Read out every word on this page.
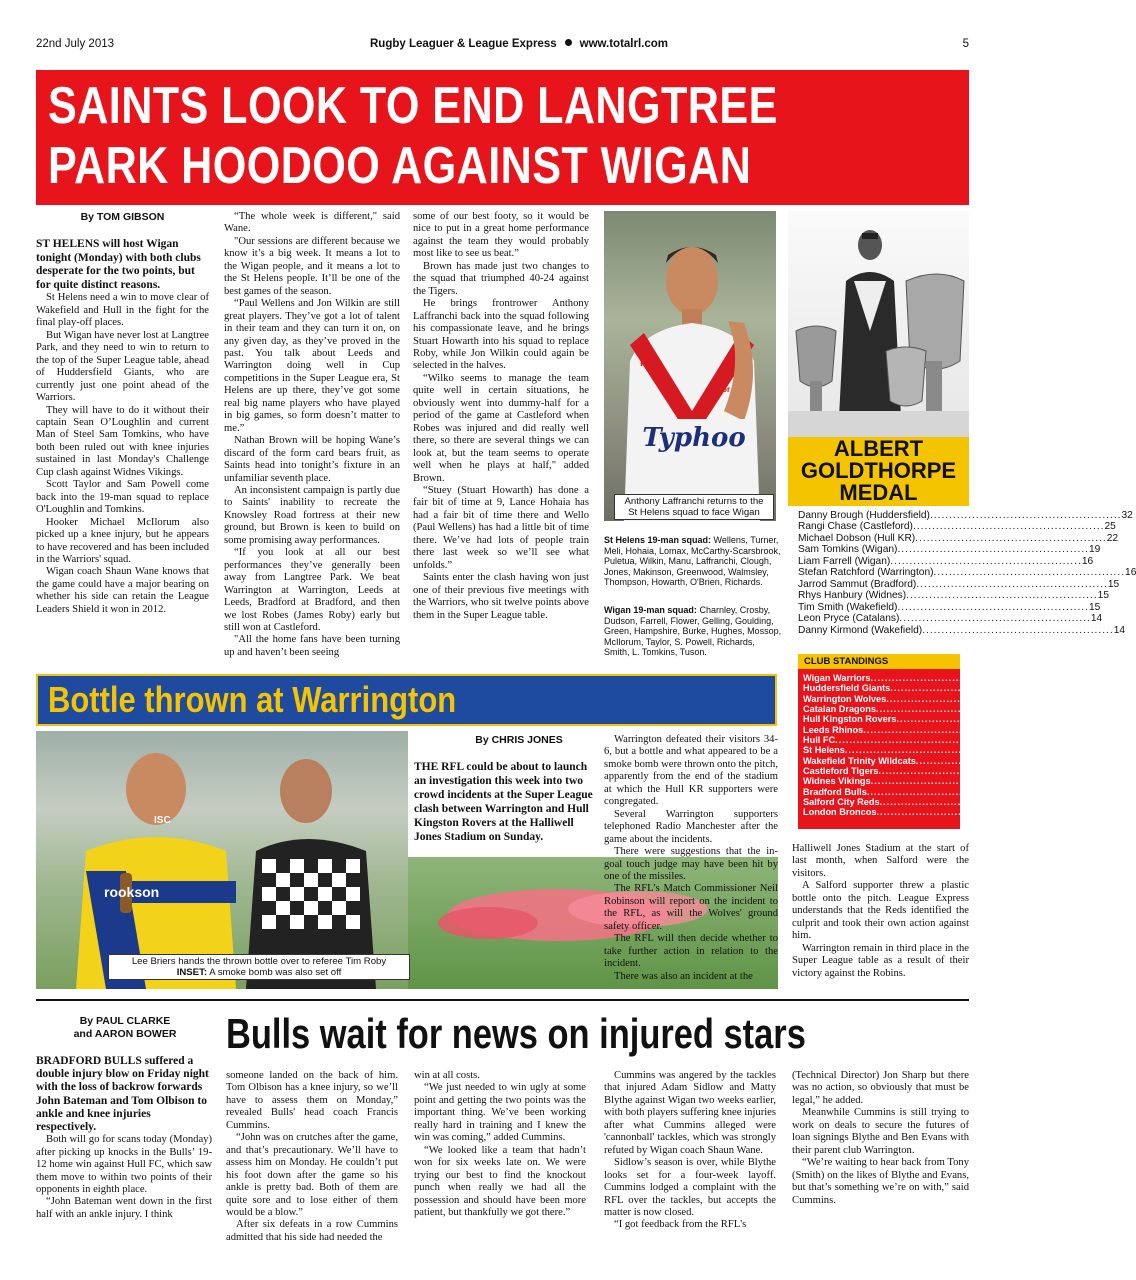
22nd July 2013	Rugby Leaguer & League Express www.totalrl.com	5
SAINTS LOOK TO END LANGTREE
PARK HOODOO AGAINST WIGAN
By TOM GIBSON

ST HELENS will host Wigan tonight (Monday) with both clubs desperate for the two points, but for quite distinct reasons.

St Helens need a win to move clear of Wakefield and Hull in the fight for the final play-off places.

But Wigan have never lost at Langtree Park, and they need to win to return to the top of the Super League table, ahead of Huddersfield Giants, who are currently just one point ahead of the Warriors.

They will have to do it without their captain Sean O’Loughlin and current Man of Steel Sam Tomkins, who have both been ruled out with knee injuries sustained in last Monday's Challenge Cup clash against Widnes Vikings.

Scott Taylor and Sam Powell come back into the 19-man squad to replace O'Loughlin and Tomkins.

Hooker Michael McIlorum also picked up a knee injury, but he appears to have recovered and has been included in the Warriors' squad.

Wigan coach Shaun Wane knows that the game could have a major bearing on whether his side can retain the League Leaders Shield it won in 2012.

“The whole week is different," said Wane.

"Our sessions are different because we know it’s a big week. It means a lot to the Wigan people, and it means a lot to the St Helens people. It’ll be one of the best games of the season.

“Paul Wellens and Jon Wilkin are still great players. They’ve got a lot of talent in their team and they can turn it on, on any given day, as they’ve proved in the past. You talk about Leeds and Warrington doing well in Cup competitions in the Super League era, St Helens are up there, they’ve got some real big name players who have played in big games, so form doesn’t matter to me.”

Nathan Brown will be hoping Wane’s discard of the form card bears fruit, as Saints head into tonight’s fixture in an unfamiliar seventh place.

An inconsistent campaign is partly due to Saints' inability to recreate the Knowsley Road fortress at their new ground, but Brown is keen to build on some promising away performances.

“If you look at all our best performances they’ve generally been away from Langtree Park. We beat Warrington at Warrington, Leeds at Leeds, Bradford at Bradford, and then we lost Robes (James Roby) early but still won at Castleford.

"All the home fans have been turning up and haven’t been seeing

some of our best footy, so it would be nice to put in a great home performance against the team they would probably most like to see us beat.”

Brown has made just two changes to the squad that triumphed 40-24 against the Tigers.

He brings frontrower Anthony Laffranchi back into the squad following his compassionate leave, and he brings Stuart Howarth into his squad to replace Roby, while Jon Wilkin could again be selected in the halves.

“Wilko seems to manage the team quite well in certain situations, he obviously went into dummy-half for a period of the game at Castleford when Robes was injured and did really well there, so there are several things we can look at, but the team seems to operate well when he plays at half," added Brown.

“Stuey (Stuart Howarth) has done a fair bit of time at 9, Lance Hohaia has had a fair bit of time there and Wello (Paul Wellens) has had a little bit of time there. We’ve had lots of people train there last week so we’ll see what unfolds.”

Saints enter the clash having won just one of their previous five meetings with the Warriors, who sit twelve points above them in the Super League table.

Typhoo
ISC
Tudor
Anthony Laffranchi returns to the St Helens squad to face Wigan
St Helens 19-man squad: Wellens, Turner, Meli, Hohaia, Lomax, McCarthy-Scarsbrook, Puletua, Wilkin, Manu, Laffranchi, Clough, Jones, Makinson, Greenwood, Walmsley, Thompson, Howarth, O'Brien, Richards.
Wigan 19-man squad: Charnley, Crosby, Dudson, Farrell, Flower, Gelling, Goulding, Green, Hampshire, Burke, Hughes, Mossop, McIlorum, Taylor, S. Powell, Richards, Smith, L. Tomkins, Tuson.
ALBERT
GOLDTHORPE
MEDAL
Danny Brough (Huddersfield) .................................................. 32
Rangi Chase (Castleford) .................................................. 25
Michael Dobson (Hull KR) .................................................. 22
Sam Tomkins (Wigan) .................................................. 19
Liam Farrell (Wigan) .................................................. 16
Stefan Ratchford (Warrington) .................................................. 16
Jarrod Sammut (Bradford) .................................................. 15
Rhys Hanbury (Widnes) .................................................. 15
Tim Smith (Wakefield) .................................................. 15
Leon Pryce (Catalans) .................................................. 14
Danny Kirmond (Wakefield) .................................................. 14
CLUB STANDINGS
Wigan Warriors .................................................. 88
Huddersfield Giants .................................................. 88
Warrington Wolves .................................................. 84
Catalan Dragons .................................................. 76
Hull Kingston Rovers .................................................. 75
Leeds Rhinos .................................................. 76
Hull FC .................................................. 64
St Helens .................................................. 61
Wakefield Trinity Wildcats .................................................. 63
Castleford Tigers .................................................. 58
Widnes Vikings .................................................. 60
Bradford Bulls .................................................. 56
Salford City Reds .................................................. 36
London Broncos .................................................. 27
Bottle thrown at Warrington
ISC
rookson
Lee Briers hands the thrown bottle over to referee Tim Roby
INSET: A smoke bomb was also set off
By CHRIS JONES

THE RFL could be about to launch an investigation this week into two crowd incidents at the Super League clash between Warrington and Hull Kingston Rovers at the Halliwell Jones Stadium on Sunday.

Warrington defeated their visitors 34-6, but a bottle and what appeared to be a smoke bomb were thrown onto the pitch, apparently from the end of the stadium at which the Hull KR supporters were congregated.

Several Warrington supporters telephoned Radio Manchester after the game about the incidents.

There were suggestions that the in-goal touch judge may have been hit by one of the missiles.

The RFL’s Match Commissioner Neil Robinson will report on the incident to the RFL, as will the Wolves' ground safety officer.

The RFL will then decide whether to take further action in relation to the incident.

There was also an incident at the

Halliwell Jones Stadium at the start of last month, when Salford were the visitors.

A Salford supporter threw a plastic bottle onto the pitch. League Express understands that the Reds identified the culprit and took their own action against him.

Warrington remain in third place in the Super League table as a result of their victory against the Robins.

By PAUL CLARKE
and AARON BOWER	Bulls wait for news on injured stars

BRADFORD BULLS suffered a double injury blow on Friday night with the loss of backrow forwards John Bateman and Tom Olbison to ankle and knee injuries respectively.

Both will go for scans today (Monday) after picking up knocks in the Bulls’ 19-12 home win against Hull FC, which saw them move to within two points of their opponents in eighth place.

“John Bateman went down in the first half with an ankle injury. I think

someone landed on the back of him. Tom Olbison has a knee injury, so we’ll have to assess them on Monday,” revealed Bulls' head coach Francis Cummins.

“John was on crutches after the game, and that’s precautionary. We’ll have to assess him on Monday. He couldn’t put his foot down after the game so his ankle is pretty bad. Both of them are quite sore and to lose either of them would be a blow.”

After six defeats in a row Cummins admitted that his side had needed the

win at all costs.

“We just needed to win ugly at some point and getting the two points was the important thing. We’ve been working really hard in training and I knew the win was coming,” added Cummins.

“We looked like a team that hadn’t won for six weeks late on. We were trying our best to find the knockout punch when really we had all the possession and should have been more patient, but thankfully we got there.”

Cummins was angered by the tackles that injured Adam Sidlow and Matty Blythe against Wigan two weeks earlier, with both players suffering knee injuries after what Cummins alleged were 'cannonball' tackles, which was strongly refuted by Wigan coach Shaun Wane.

Sidlow’s season is over, while Blythe looks set for a four-week layoff. Cummins lodged a complaint with the RFL over the tackles, but accepts the matter is now closed.

“I got feedback from the RFL's

(Technical Director) Jon Sharp but there was no action, so obviously that must be legal,” he added.

Meanwhile Cummins is still trying to work on deals to secure the futures of loan signings Blythe and Ben Evans with their parent club Warrington.

“We’re waiting to hear back from Tony (Smith) on the likes of Blythe and Evans, but that’s something we’re on with,” said Cummins.
